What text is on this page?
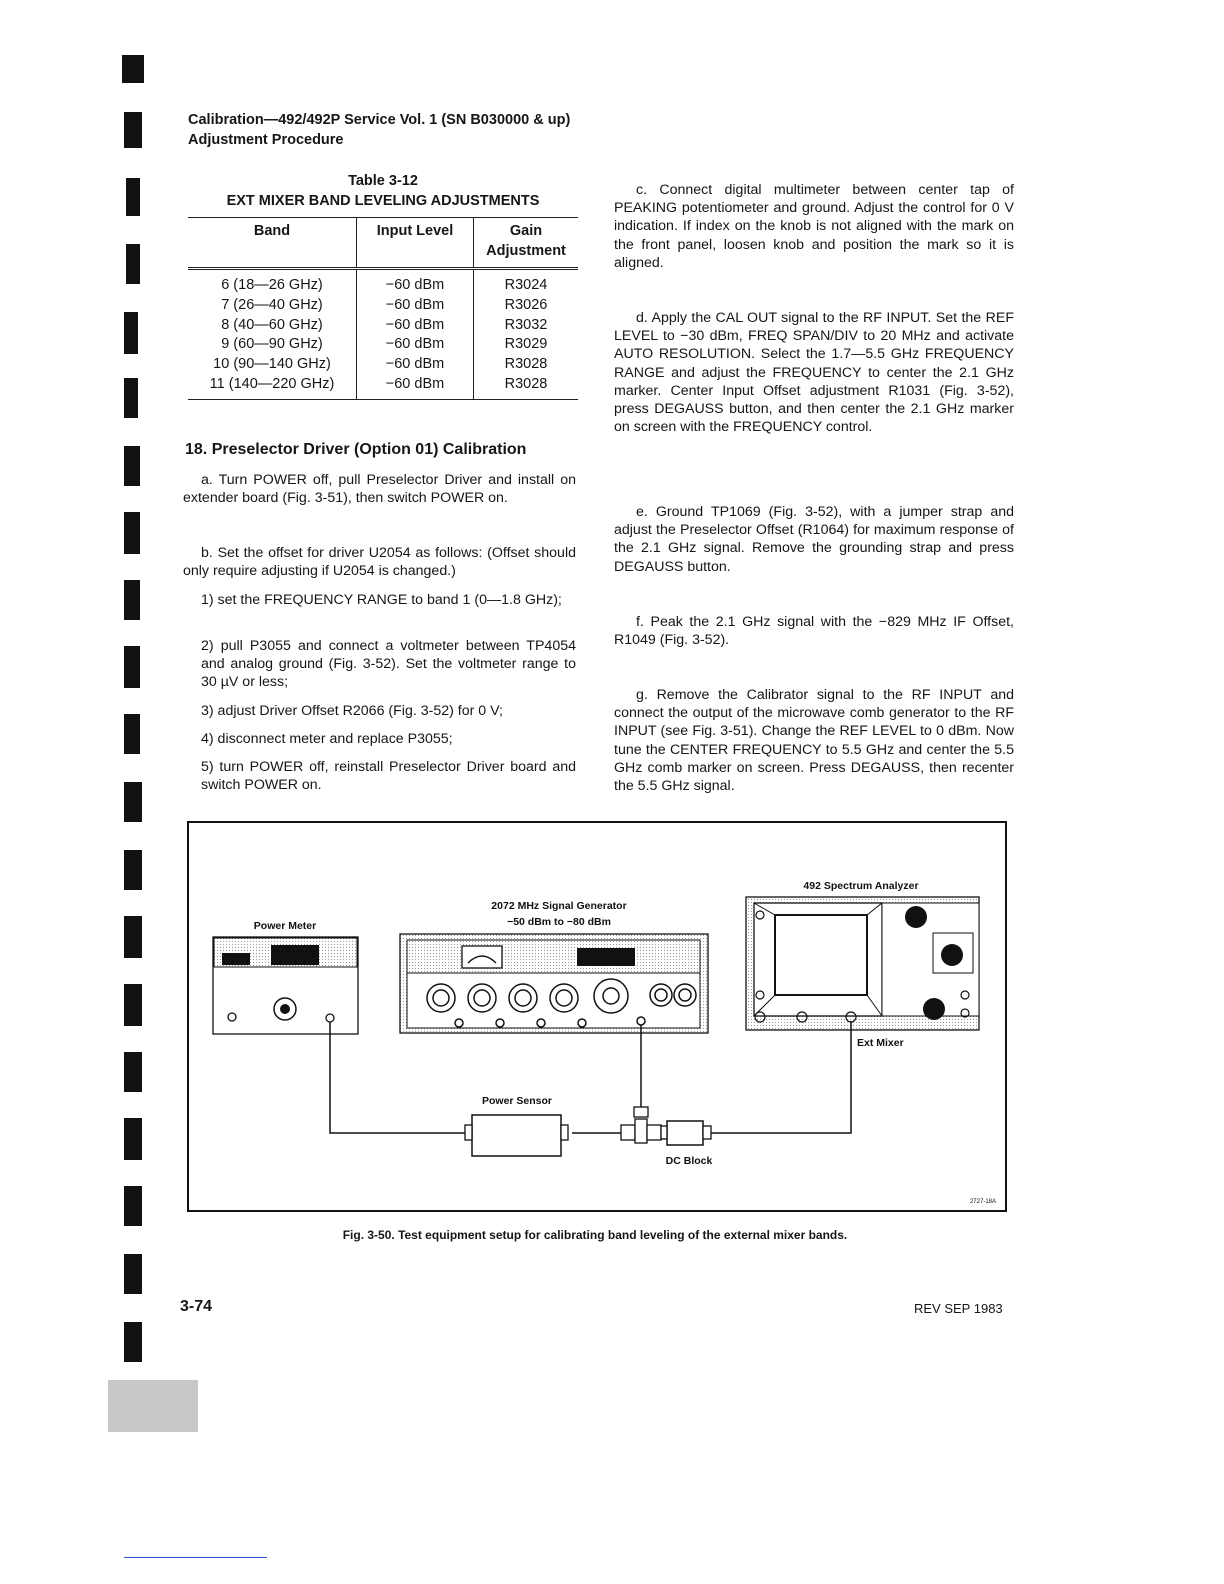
Calibration—492/492P Service Vol. 1 (SN B030000 & up)
Adjustment Procedure
Table 3-12
EXT MIXER BAND LEVELING ADJUSTMENTS
Band	Input Level	Gain Adjustment
6 (18—26 GHz)	−60 dBm	R3024
7 (26—40 GHz)	−60 dBm	R3026
8 (40—60 GHz)	−60 dBm	R3032
9 (60—90 GHz)	−60 dBm	R3029
10 (90—140 GHz)	−60 dBm	R3028
11 (140—220 GHz)	−60 dBm	R3028
18. Preselector Driver (Option 01) Calibration
a. Turn POWER off, pull Preselector Driver and install on extender board (Fig. 3-51), then switch POWER on.
b. Set the offset for driver U2054 as follows: (Offset should only require adjusting if U2054 is changed.)
1) set the FREQUENCY RANGE to band 1 (0—1.8 GHz);
2) pull P3055 and connect a voltmeter between TP4054 and analog ground (Fig. 3-52). Set the voltmeter range to 30 µV or less;
3) adjust Driver Offset R2066 (Fig. 3-52) for 0 V;
4) disconnect meter and replace P3055;
5) turn POWER off, reinstall Preselector Driver board and switch POWER on.
c. Connect digital multimeter between center tap of PEAKING potentiometer and ground. Adjust the control for 0 V indication. If index on the knob is not aligned with the mark on the front panel, loosen knob and position the mark so it is aligned.
d. Apply the CAL OUT signal to the RF INPUT. Set the REF LEVEL to −30 dBm, FREQ SPAN/DIV to 20 MHz and activate AUTO RESOLUTION. Select the 1.7—5.5 GHz FREQUENCY RANGE and adjust the FREQUENCY to center the 2.1 GHz marker. Center Input Offset adjustment R1031 (Fig. 3-52), press DEGAUSS button, and then center the 2.1 GHz marker on screen with the FREQUENCY control.
e. Ground TP1069 (Fig. 3-52), with a jumper strap and adjust the Preselector Offset (R1064) for maximum response of the 2.1 GHz signal. Remove the grounding strap and press DEGAUSS button.
f. Peak the 2.1 GHz signal with the −829 MHz IF Offset, R1049 (Fig. 3-52).
g. Remove the Calibrator signal to the RF INPUT and connect the output of the microwave comb generator to the RF INPUT (see Fig. 3-51). Change the REF LEVEL to 0 dBm. Now tune the CENTER FREQUENCY to 5.5 GHz and center the 5.5 GHz comb marker on screen. Press DEGAUSS, then recenter the 5.5 GHz signal.
Power Meter
2072 MHz Signal Generator
−50 dBm to −80 dBm
492 Spectrum Analyzer
Ext Mixer
Power Sensor
DC Block
2727-18A
Fig. 3-50. Test equipment setup for calibrating band leveling of the external mixer bands.
3-74	REV SEP 1983
